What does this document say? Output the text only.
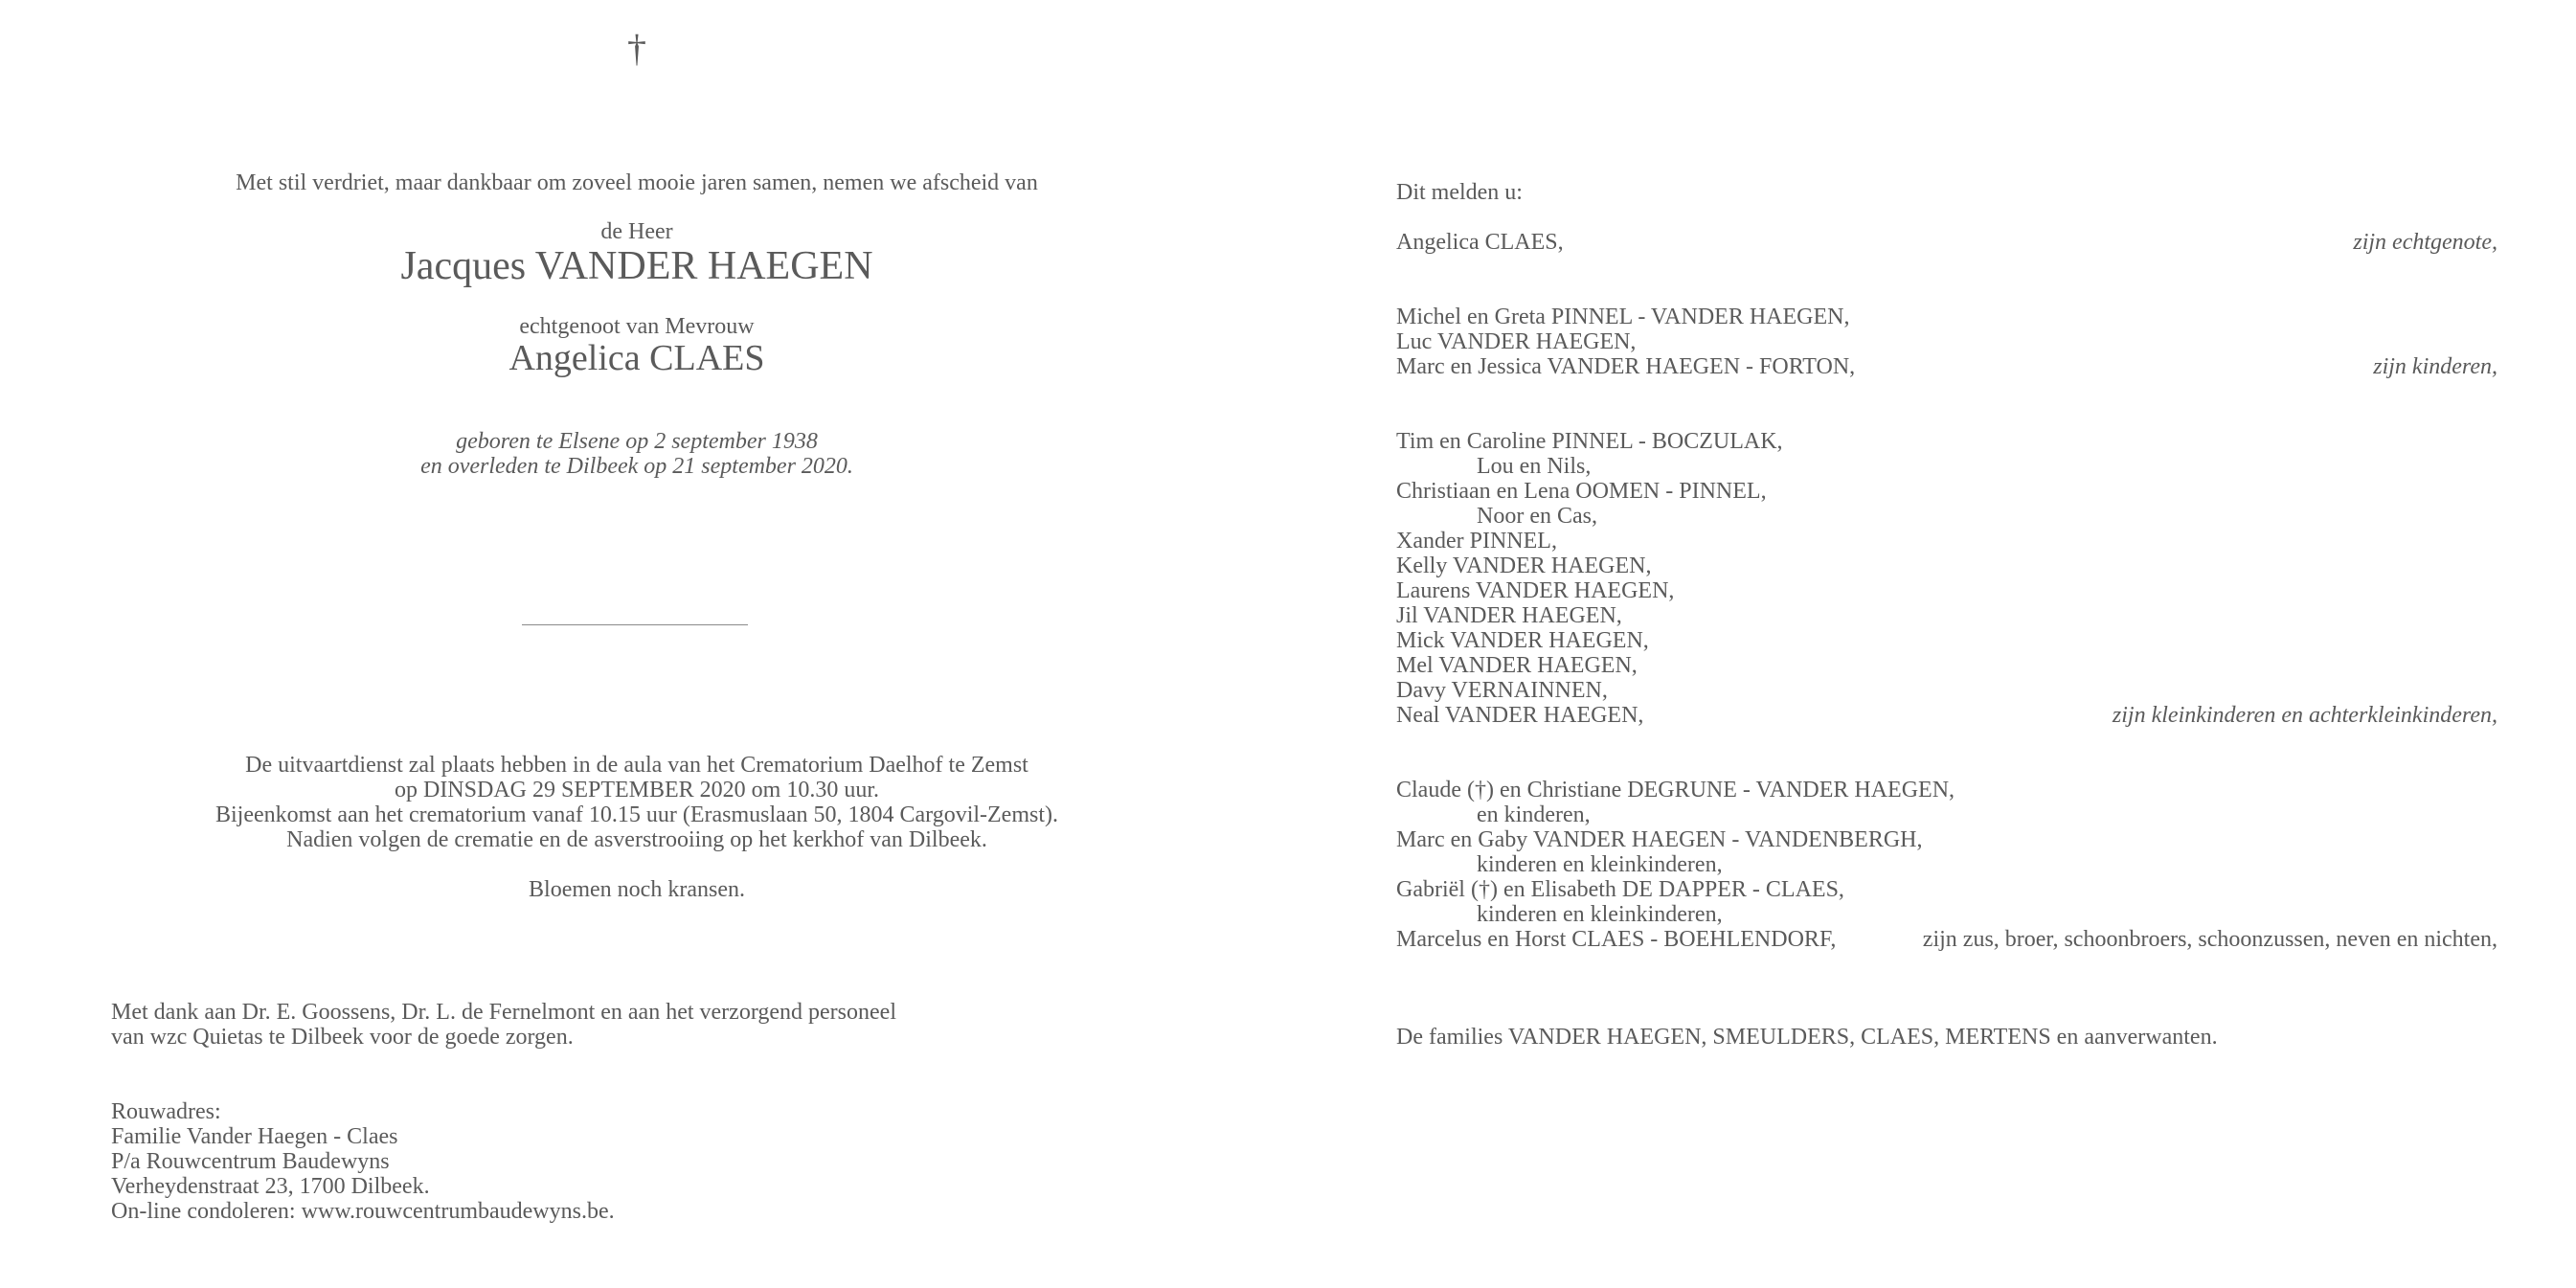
†
Met stil verdriet, maar dankbaar om zoveel mooie jaren samen, nemen we afscheid van
de Heer
Jacques VANDER HAEGEN
echtgenoot van Mevrouw
Angelica CLAES
geboren te Elsene op 2 september 1938
en overleden te Dilbeek op 21 september 2020.
De uitvaartdienst zal plaats hebben in de aula van het Crematorium Daelhof te Zemst
op DINSDAG 29 SEPTEMBER 2020 om 10.30 uur.
Bijeenkomst aan het crematorium vanaf 10.15 uur (Erasmuslaan 50, 1804 Cargovil-Zemst).
Nadien volgen de crematie en de asverstrooiing op het kerkhof van Dilbeek.
Bloemen noch kransen.
Met dank aan Dr. E. Goossens, Dr. L. de Fernelmont en aan het verzorgend personeel
van wzc Quietas te Dilbeek voor de goede zorgen.
Rouwadres:
Familie Vander Haegen - Claes
P/a Rouwcentrum Baudewyns
Verheydenstraat 23, 1700 Dilbeek.
On-line condoleren: www.rouwcentrumbaudewyns.be.
Dit melden u:
Angelica CLAES,	zijn echtgenote,
Michel en Greta PINNEL - VANDER HAEGEN,
Luc VANDER HAEGEN,
Marc en Jessica VANDER HAEGEN - FORTON,	zijn kinderen,
Tim en Caroline PINNEL - BOCZULAK,
Lou en Nils,
Christiaan en Lena OOMEN - PINNEL,
Noor en Cas,
Xander PINNEL,
Kelly VANDER HAEGEN,
Laurens VANDER HAEGEN,
Jil VANDER HAEGEN,
Mick VANDER HAEGEN,
Mel VANDER HAEGEN,
Davy VERNAINNEN,
Neal VANDER HAEGEN,	zijn kleinkinderen en achterkleinkinderen,
Claude (†) en Christiane DEGRUNE - VANDER HAEGEN,
en kinderen,
Marc en Gaby VANDER HAEGEN - VANDENBERGH,
kinderen en kleinkinderen,
Gabriël (†) en Elisabeth DE DAPPER - CLAES,
kinderen en kleinkinderen,
Marcelus en Horst CLAES - BOEHLENDORF,	zijn zus, broer, schoonbroers, schoonzussen, neven en nichten,
De families VANDER HAEGEN, SMEULDERS, CLAES, MERTENS en aanverwanten.
